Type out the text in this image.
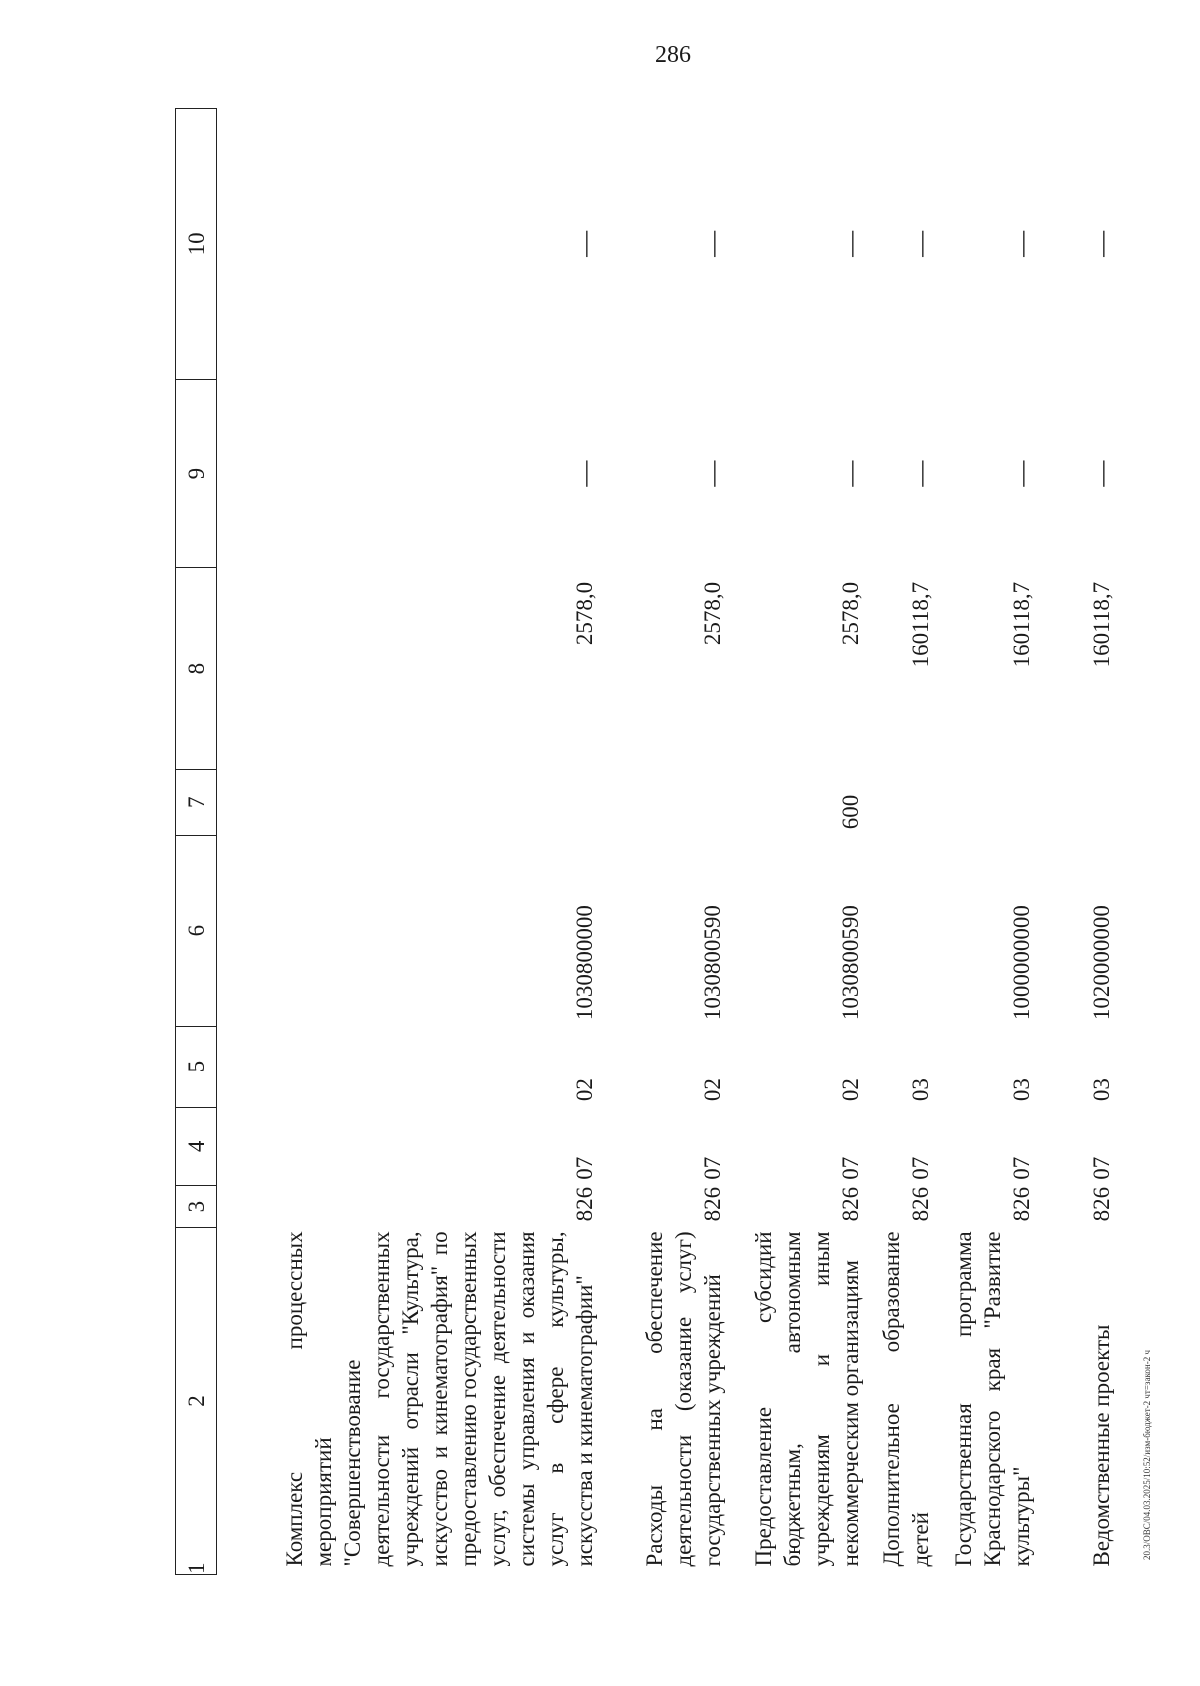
286
20.3/ОВС/04.03.2025/10:52/изм-бюджет-2 чт=закон-2 ч
1	2	3	4	5	6	7	8	9	10
Комплекс процессных мероприятий "Совершенствование деятельности государственных учреждений отрасли "Культура, искусство и кинематография" по предоставлению государственных услуг, обеспечение деятельности системы управления и оказания услуг в сфере культуры, искусства и кинематографии"	826	07	02	1030800000		2578,0	—	—
Расходы на обеспечение деятельности (оказание услуг) государственных учреждений	826	07	02	1030800590		2578,0	—	—
Предоставление субсидий бюджетным, автономным учреждениям и иным некоммерческим организациям	826	07	02	1030800590	600	2578,0	—	—
Дополнительное образование детей	826	07	03			160118,7	—	—
Государственная программа Краснодарского края "Развитие культуры"	826	07	03	1000000000		160118,7	—	—
Ведомственные проекты	826	07	03	1020000000		160118,7	—	—
